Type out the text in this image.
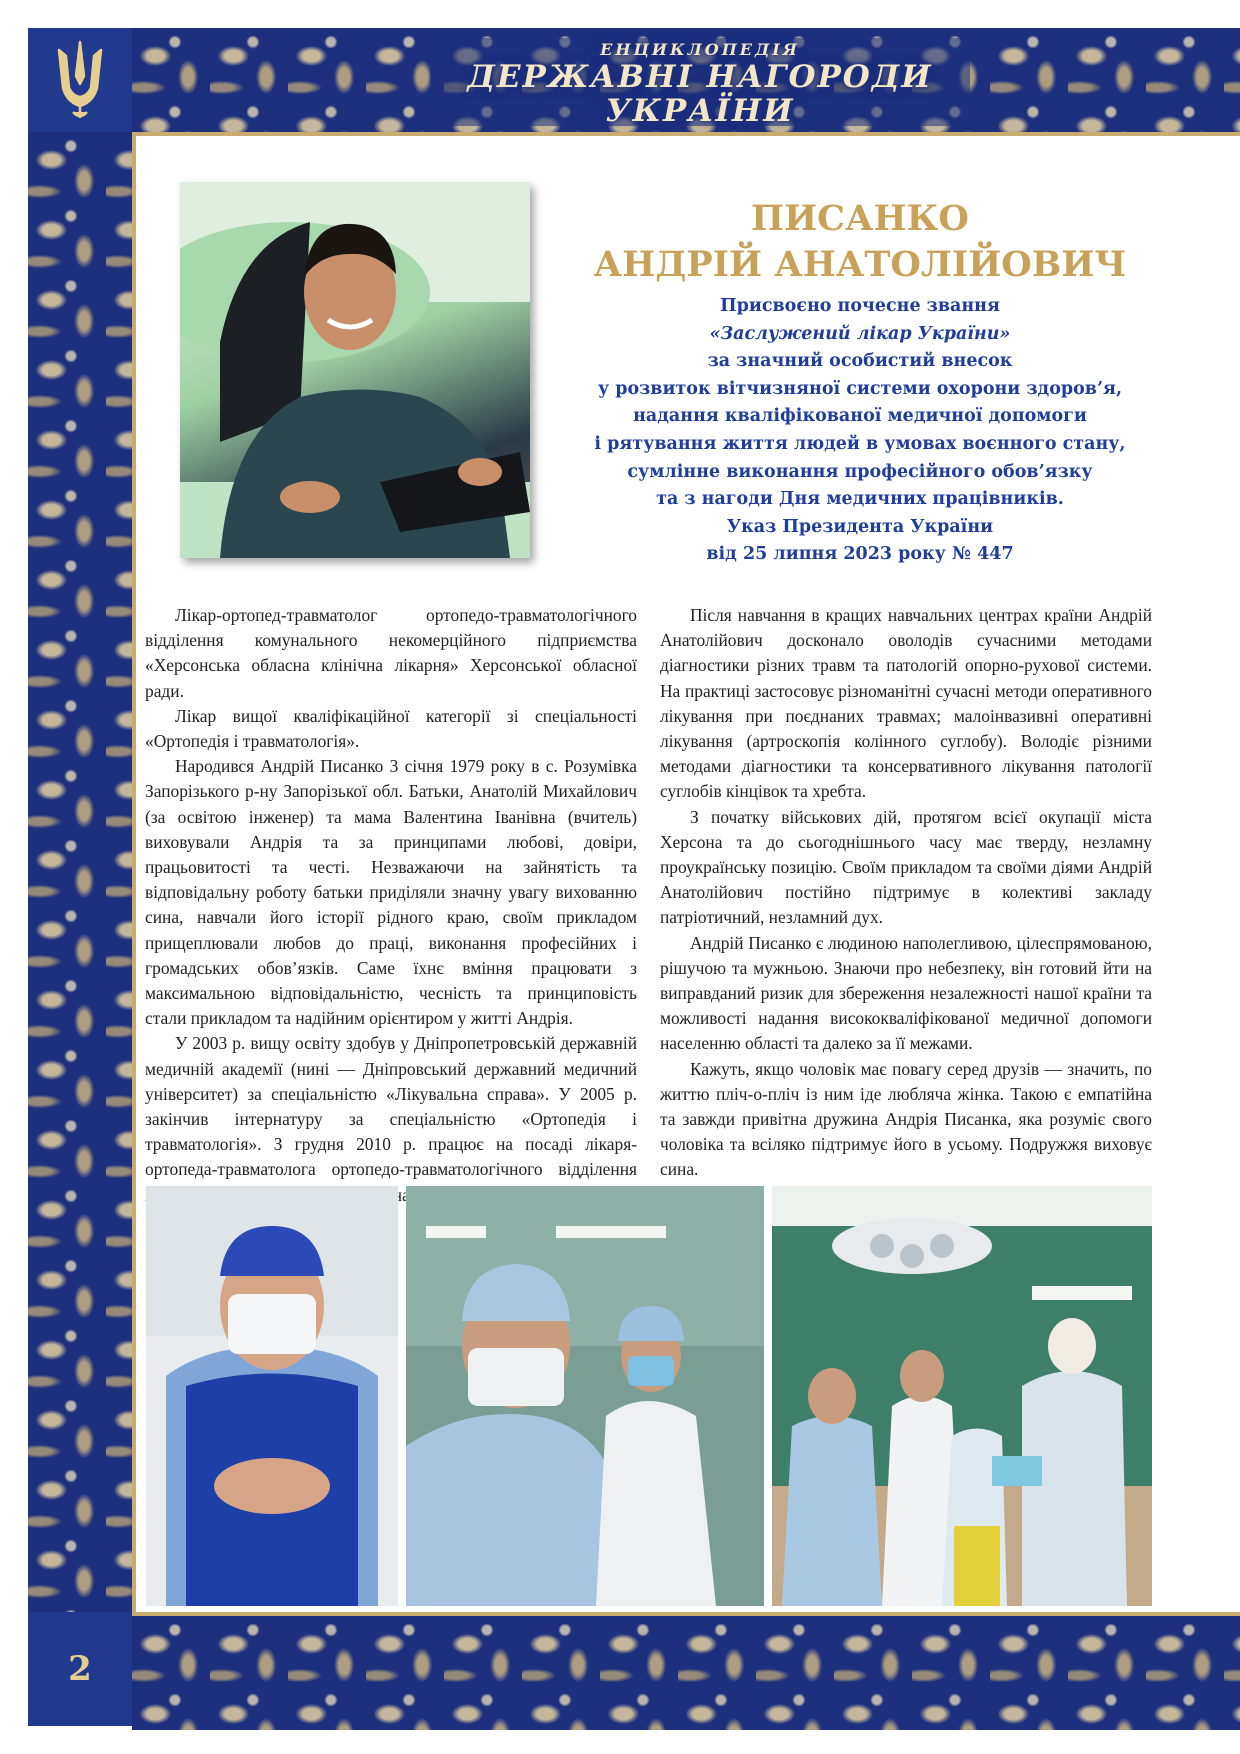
2
ЕНЦИКЛОПЕДІЯ
ДЕРЖАВНІ НАГОРОДИ
УКРАЇНИ
ПИСАНКО
АНДРІЙ АНАТОЛІЙОВИЧ
Присвоєно почесне звання
«Заслужений лікар України»
за значний особистий внесок
у розвиток вітчизняної системи охорони здоров’я,
надання кваліфікованої медичної допомоги
і рятування життя людей в умовах воєнного стану,
сумлінне виконання професійного обов’язку
та з нагоди Дня медичних працівників.
Указ Президента України
від 25 липня 2023 року № 447

Лікар-ортопед-травматолог ортопедо-травматологічного відділення комунального некомерційного підприємства «Херсонська обласна клінічна лікарня» Херсонської обласної ради.

Лікар вищої кваліфікаційної категорії зі спеціальності «Ортопедія і травматологія».

Народився Андрій Писанко 3 січня 1979 року в с. Розумівка Запорізького р-ну Запорізької обл. Батьки, Анатолій Михайлович (за освітою інженер) та мама Валентина Іванівна (вчитель) виховували Андрія та за принципами любові, довіри, працьовитості та честі. Незважаючи на зайнятість та відповідальну роботу батьки приділяли значну увагу вихованню сина, навчали його історії рідного краю, своїм прикладом прищеплювали любов до праці, виконання професійних і громадських обов’язків. Саме їхнє вміння працювати з максимальною відповідальністю, чесність та принциповість стали прикладом та надійним орієнтиром у житті Андрія.

У 2003 р. вищу освіту здобув у Дніпропетровській державній медичній академії (нині — Дніпровський державний медичний університет) за спеціальністю «Лікувальна справа». У 2005 р. закінчив інтернатуру за спеціальністю «Ортопедія і травматологія». З грудня 2010 р. працює на посаді лікаря-ортопеда-травматолога ортопедо-травматологічного відділення

Після навчання в кращих навчальних центрах країни Андрій Анатолійович досконало оволодів сучасними методами діагностики різних травм та патологій опорно-рухової системи. На практиці застосовує різноманітні сучасні методи оперативного лікування при поєднаних травмах; малоінвазивні оперативні лікування (артроскопія колінного суглобу). Володіє різними методами діагностики та консервативного лікування патології суглобів кінцівок та хребта.

З початку військових дій, протягом всієї окупації міста Херсона та до сьогоднішнього часу має тверду, незламну проукраїнську позицію. Своїм прикладом та своїми діями Андрій Анатолійович постійно підтримує в колективі закладу патріотичний, незламний дух.

Андрій Писанко є людиною наполегливою, цілеспрямованою, рішучою та мужньою. Знаючи про небезпеку, він готовий йти на виправданий ризик для збереження незалежності нашої країни та можливості надання висококваліфікованої медичної допомоги населенню області та далеко за її межами.

Кажуть, якщо чоловік має повагу серед друзів — значить, по життю пліч-о-пліч із ним іде любляча жінка. Такою є емпатійна та завжди привітна дружина Андрія Писанка, яка розуміє свого чоловіка та всіляко підтримує його в усьому. Подружжя виховує сина.
